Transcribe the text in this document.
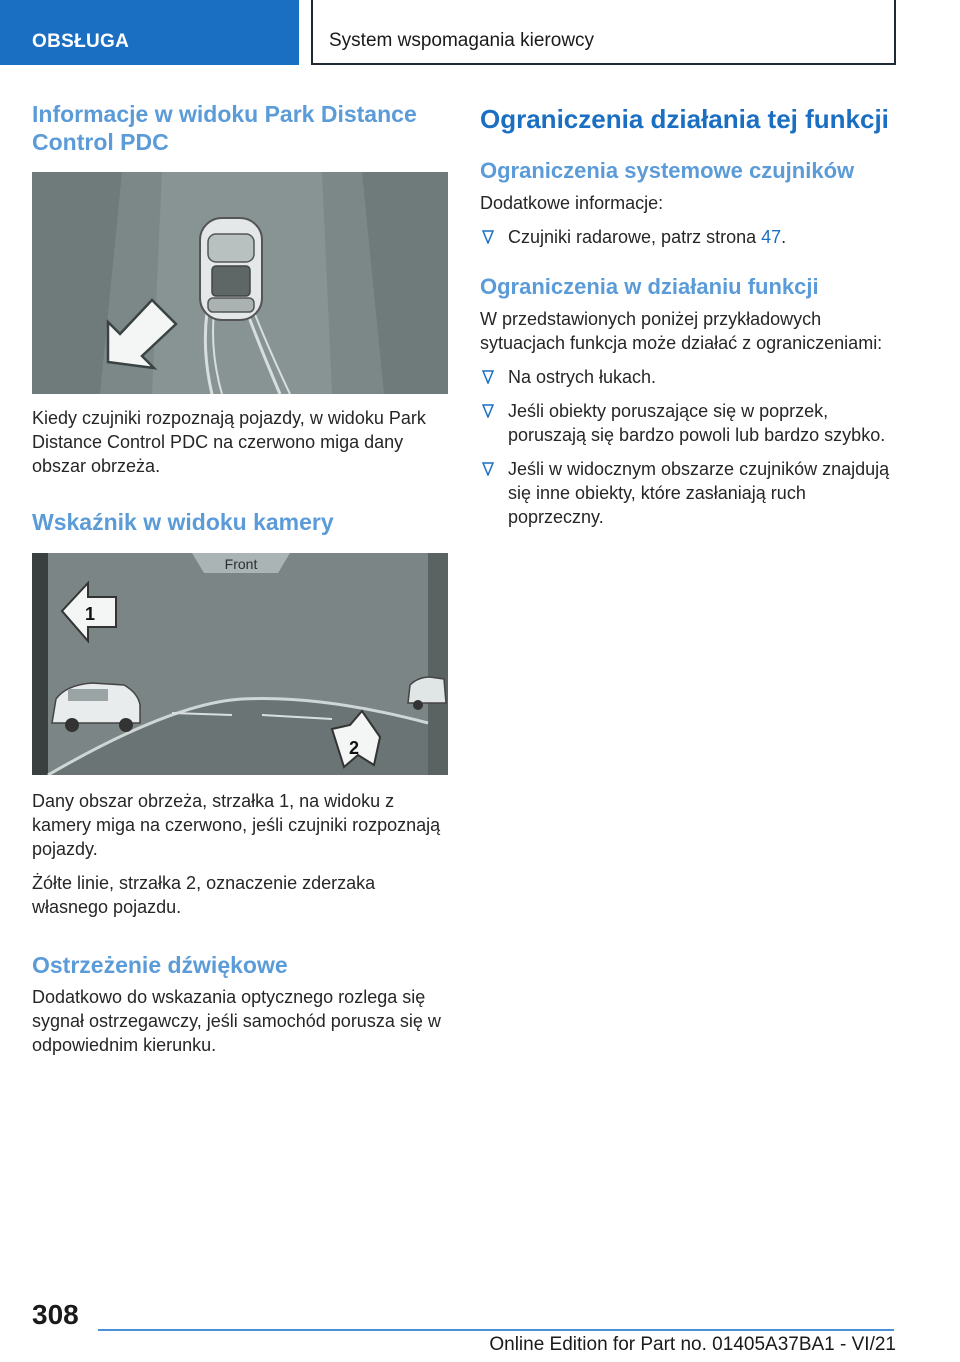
OBSŁUGA	System wspomagania kierowcy
Informacje w widoku Park Distance Control PDC

Kiedy czujniki rozpoznają pojazdy, w widoku Park Distance Control PDC na czerwono miga dany obszar obrzeża.

Wskaźnik w widoku kamery
Front
1
2

Dany obszar obrzeża, strzałka 1, na widoku z kamery miga na czerwono, jeśli czujniki rozpoznają pojazdy.

Żółte linie, strzałka 2, oznaczenie zderzaka własnego pojazdu.

Ostrzeżenie dźwiękowe

Dodatkowo do wskazania optycznego rozlega się sygnał ostrzegawczy, jeśli samochód porusza się w odpowiednim kierunku.

Ograniczenia działania tej funkcji
Ograniczenia systemowe czujników

Dodatkowe informacje:

Czujniki radarowe, patrz strona 47.
Ograniczenia w działaniu funkcji

W przedstawionych poniżej przykładowych sytuacjach funkcja może działać z ograniczeniami:

Na ostrych łukach.
Jeśli obiekty poruszające się w poprzek, poruszają się bardzo powoli lub bardzo szybko.
Jeśli w widocznym obszarze czujników znajdują się inne obiekty, które zasłaniają ruch poprzeczny.
308
Online Edition for Part no. 01405A37BA1 - VI/21
